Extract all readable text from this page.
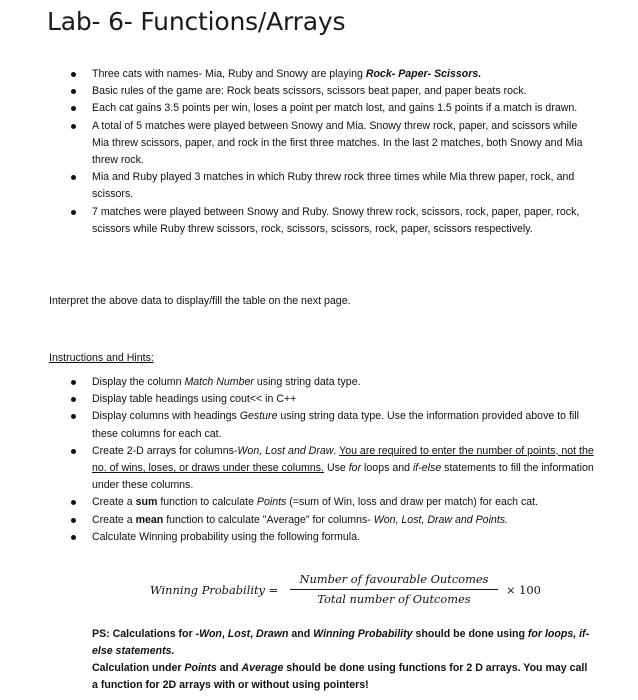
Lab- 6- Functions/Arrays
Three cats with names- Mia, Ruby and Snowy are playing Rock- Paper- Scissors.
Basic rules of the game are: Rock beats scissors, scissors beat paper, and paper beats rock.
Each cat gains 3.5 points per win, loses a point per match lost, and gains 1.5 points if a match is drawn.
A total of 5 matches were played between Snowy and Mia. Snowy threw rock, paper, and scissors while Mia threw scissors, paper, and rock in the first three matches. In the last 2 matches, both Snowy and Mia threw rock.
Mia and Ruby played 3 matches in which Ruby threw rock three times while Mia threw paper, rock, and scissors.
7 matches were played between Snowy and Ruby. Snowy threw rock, scissors, rock, paper, paper, rock, scissors while Ruby threw scissors, rock, scissors, scissors, rock, paper, scissors respectively.
Interpret the above data to display/fill the table on the next page.
Instructions and Hints:
Display the column Match Number using string data type.
Display table headings using cout<< in C++
Display columns with headings Gesture using string data type. Use the information provided above to fill these columns for each cat.
Create 2-D arrays for columns-Won, Lost and Draw. You are required to enter the number of points, not the no. of wins, loses, or draws under these columns. Use for loops and if-else statements to fill the information under these columns.
Create a sum function to calculate Points (=sum of Win, loss and draw per match) for each cat.
Create a mean function to calculate "Average" for columns- Won, Lost, Draw and Points.
Calculate Winning probability using the following formula.
Winning Probability =
Number of favourable Outcomes
Total number of Outcomes
× 100

PS: Calculations for -Won, Lost, Drawn and Winning Probability should be done using for loops, if-else statements.

Calculation under Points and Average should be done using functions for 2 D arrays. You may call a function for 2D arrays with or without using pointers!
